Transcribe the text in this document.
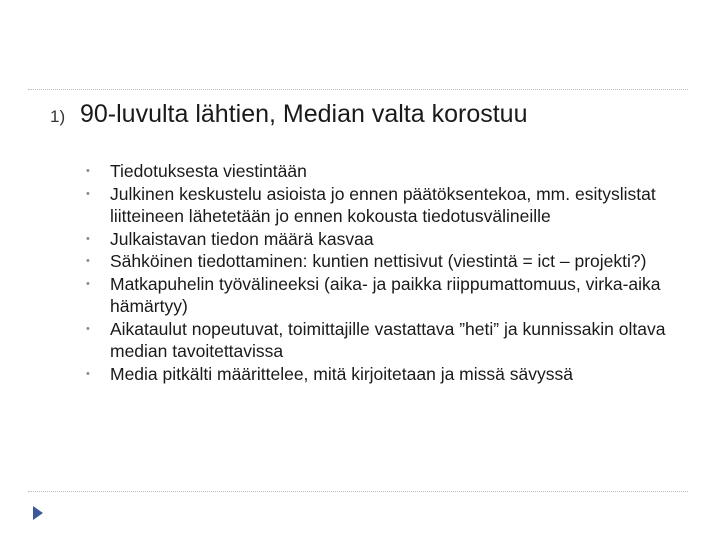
1) 90-luvulta lähtien, Median valta korostuu
• Tiedotuksesta viestintään
• Julkinen keskustelu asioista jo ennen päätöksentekoa, mm. esityslistat liitteineen lähetetään jo ennen kokousta tiedotusvälineille
• Julkaistavan tiedon määrä kasvaa
• Sähköinen tiedottaminen: kuntien nettisivut (viestintä = ict – projekti?)
• Matkapuhelin työvälineeksi (aika- ja paikka riippumattomuus, virka-aika hämärtyy)
• Aikataulut nopeutuvat, toimittajille vastattava ”heti” ja kunnissakin oltava median tavoitettavissa
• Media pitkälti määrittelee, mitä kirjoitetaan ja missä sävyssä
